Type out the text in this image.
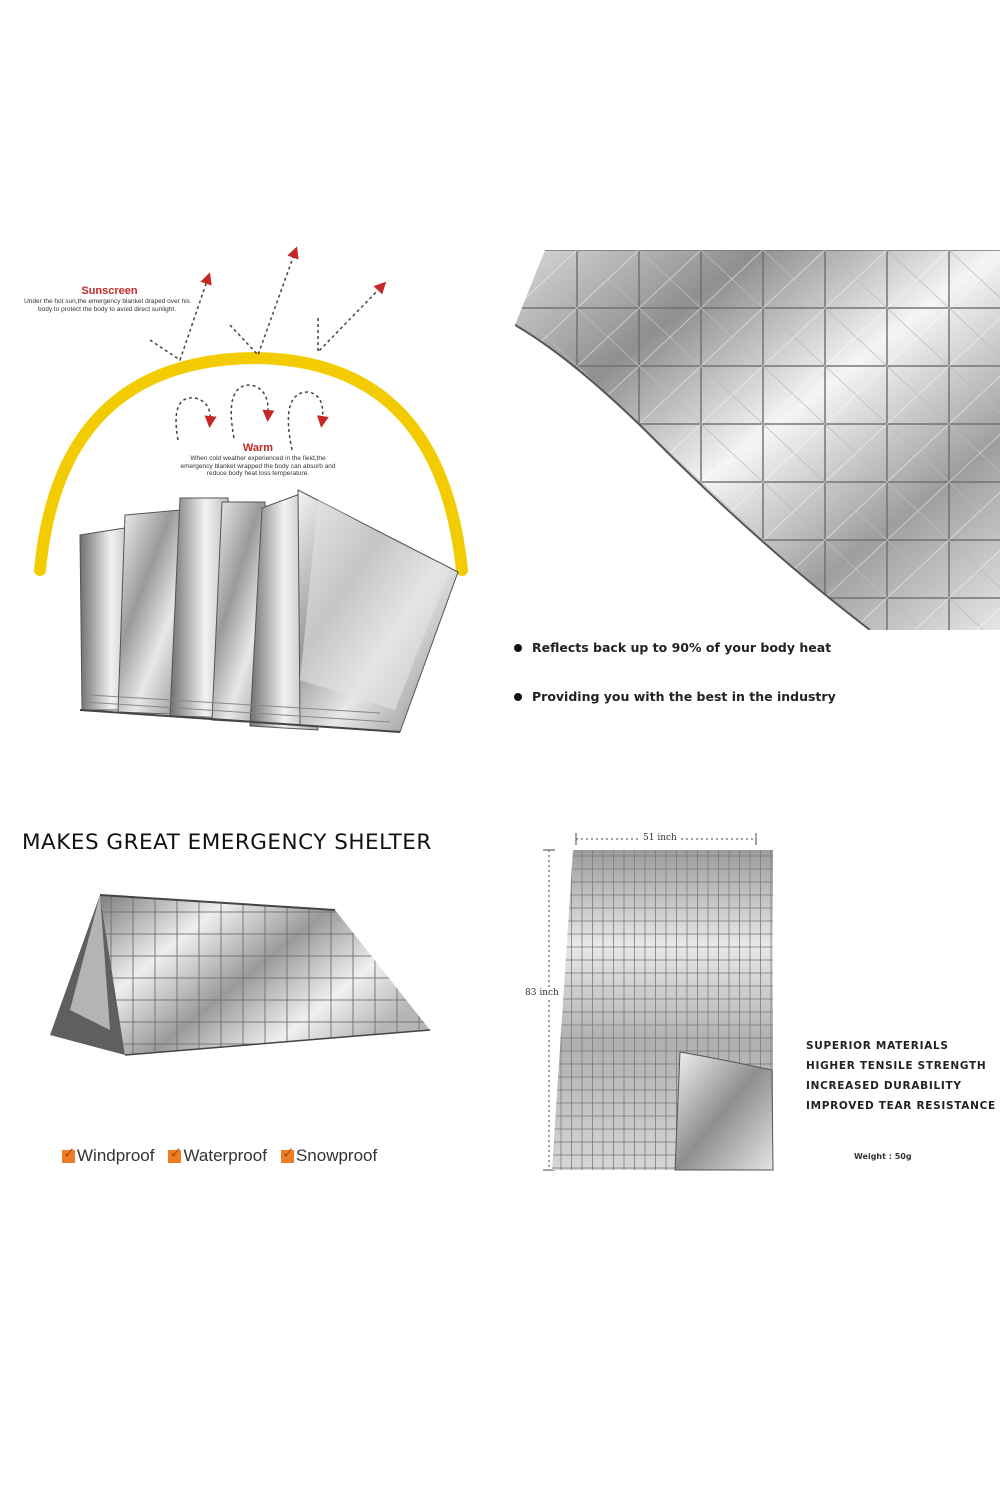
Sunscreen
Under the hot sun,the emergency blanket draped over his body to protect the body to avoid direct sunlight.
Warm
When cold weather experienced in the field,the emergency blanket wrapped the body can absorb and reduce body heat loss temperature.
Reflects back up to 90% of your body heat
Providing you with the best in the industry
MAKES GREAT EMERGENCY SHELTER
✓
Windproof ✓ Waterproof ✓ Snowproof
51 inch
83 inch
SUPERIOR MATERIALS
HIGHER TENSILE STRENGTH
INCREASED DURABILITY
IMPROVED TEAR RESISTANCE
Weight : 50g
